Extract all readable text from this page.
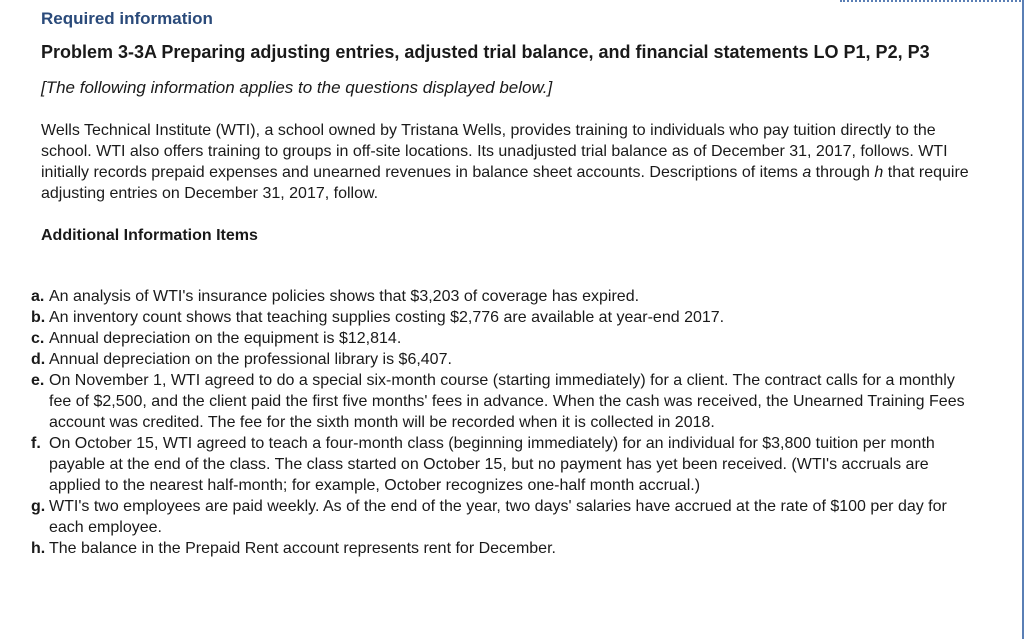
Required information

Problem 3-3A Preparing adjusting entries, adjusted trial balance, and financial statements LO P1, P2, P3

[The following information applies to the questions displayed below.]

Wells Technical Institute (WTI), a school owned by Tristana Wells, provides training to individuals who pay tuition directly to the school. WTI also offers training to groups in off-site locations. Its unadjusted trial balance as of December 31, 2017, follows. WTI initially records prepaid expenses and unearned revenues in balance sheet accounts. Descriptions of items a through h that require adjusting entries on December 31, 2017, follow.

Additional Information Items
a. An analysis of WTI's insurance policies shows that $3,203 of coverage has expired.
b. An inventory count shows that teaching supplies costing $2,776 are available at year-end 2017.
c. Annual depreciation on the equipment is $12,814.
d. Annual depreciation on the professional library is $6,407.
e. On November 1, WTI agreed to do a special six-month course (starting immediately) for a client. The contract calls for a monthly fee of $2,500, and the client paid the first five months' fees in advance. When the cash was received, the Unearned Training Fees account was credited. The fee for the sixth month will be recorded when it is collected in 2018.
f. On October 15, WTI agreed to teach a four-month class (beginning immediately) for an individual for $3,800 tuition per month payable at the end of the class. The class started on October 15, but no payment has yet been received. (WTI's accruals are applied to the nearest half-month; for example, October recognizes one-half month accrual.)
g. WTI's two employees are paid weekly. As of the end of the year, two days' salaries have accrued at the rate of $100 per day for each employee.
h. The balance in the Prepaid Rent account represents rent for December.
